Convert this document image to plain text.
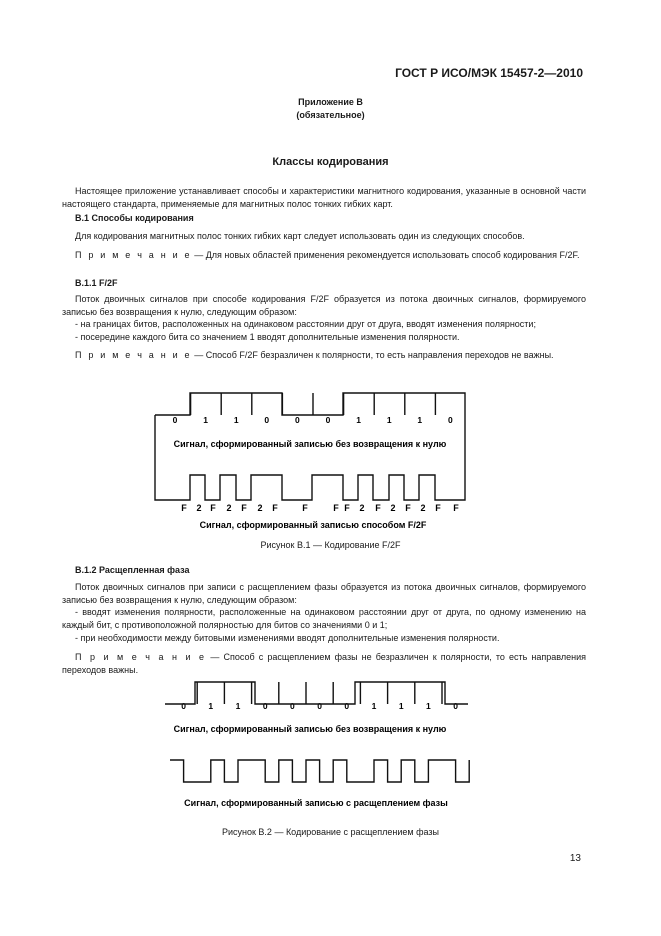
ГОСТ Р ИСО/МЭК 15457-2—2010
Приложение В
(обязательное)
Классы кодирования
Настоящее приложение устанавливает способы и характеристики магнитного кодирования, указанные в основной части настоящего стандарта, применяемые для магнитных полос тонких гибких карт.
В.1 Способы кодирования
Для кодирования магнитных полос тонких гибких карт следует использовать один из следующих способов.
П р и м е ч а н и е — Для новых областей применения рекомендуется использовать способ кодирования F/2F.
В.1.1 F/2F
Поток двоичных сигналов при способе кодирования F/2F образуется из потока двоичных сигналов, формируемого записью без возвращения к нулю, следующим образом:
- на границах битов, расположенных на одинаковом расстоянии друг от друга, вводят изменения полярности;
- посередине каждого бита со значением 1 вводят дополнительные изменения полярности.
П р и м е ч а н и е — Способ F/2F безразличен к полярности, то есть направления переходов не важны.
0	1	1	0	0	0	1	1	1	0
Сигнал, сформированный записью без возвращения к нулю
F 2 F 2 F 2 F	F	F F 2 F 2 F 2 F F
Сигнал, сформированный записью способом F/2F
Рисунок В.1 — Кодирование F/2F
В.1.2 Расщепленная фаза
Поток двоичных сигналов при записи с расщеплением фазы образуется из потока двоичных сигналов, формируемого записью без возвращения к нулю, следующим образом:
- вводят изменения полярности, расположенные на одинаковом расстоянии друг от друга, по одному изменению на каждый бит, с противоположной полярностью для битов со значениями 0 и 1;
- при необходимости между битовыми изменениями вводят дополнительные изменения полярности.
П р и м е ч а н и е — Способ с расщеплением фазы не безразличен к полярности, то есть направления переходов важны.
0	1	1	0	0	0	0	1	1	1	0
Сигнал, сформированный записью без возвращения к нулю
Сигнал, сформированный записью с расщеплением фазы
Рисунок В.2 — Кодирование с расщеплением фазы
13
